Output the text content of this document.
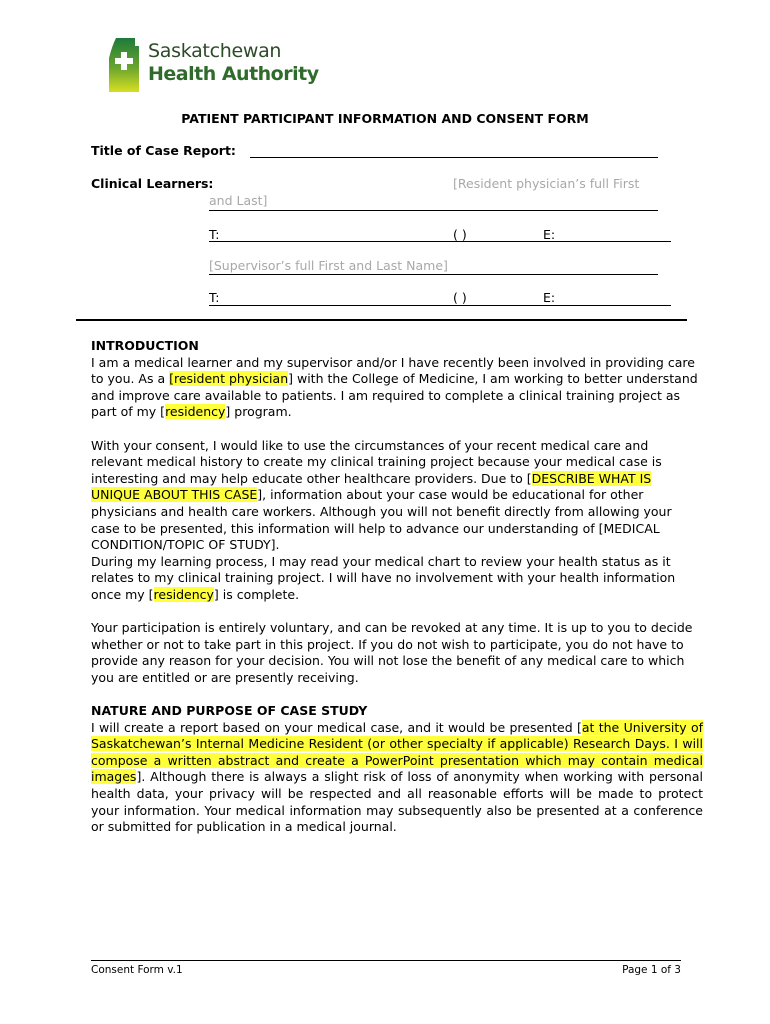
Saskatchewan
Health Authority
PATIENT PARTICIPANT INFORMATION AND CONSENT FORM
Title of Case Report:
Clinical Learners:	[Resident physician’s full First
and Last]
T:	( )	E:
[Supervisor’s full First and Last Name]
T:	( )	E:

INTRODUCTION

I am a medical learner and my supervisor and/or I have recently been involved in providing care to you. As a [resident physician] with the College of Medicine, I am working to better understand and improve care available to patients. I am required to complete a clinical training project as part of my [residency] program.

With your consent, I would like to use the circumstances of your recent medical care and relevant medical history to create my clinical training project because your medical case is interesting and may help educate other healthcare providers. Due to [DESCRIBE WHAT IS UNIQUE ABOUT THIS CASE], information about your case would be educational for other physicians and health care workers. Although you will not benefit directly from allowing your case to be presented, this information will help to advance our understanding of [MEDICAL CONDITION/TOPIC OF STUDY].

During my learning process, I may read your medical chart to review your health status as it relates to my clinical training project. I will have no involvement with your health information once my [residency] is complete.

Your participation is entirely voluntary, and can be revoked at any time. It is up to you to decide whether or not to take part in this project. If you do not wish to participate, you do not have to provide any reason for your decision. You will not lose the benefit of any medical care to which you are entitled or are presently receiving.

NATURE AND PURPOSE OF CASE STUDY

I will create a report based on your medical case, and it would be presented [at the University of Saskatchewan’s Internal Medicine Resident (or other specialty if applicable) Research Days. I will compose a written abstract and create a PowerPoint presentation which may contain medical images]. Although there is always a slight risk of loss of anonymity when working with personal health data, your privacy will be respected and all reasonable efforts will be made to protect your information. Your medical information may subsequently also be presented at a conference or submitted for publication in a medical journal.

Consent Form v.1	Page 1 of 3
